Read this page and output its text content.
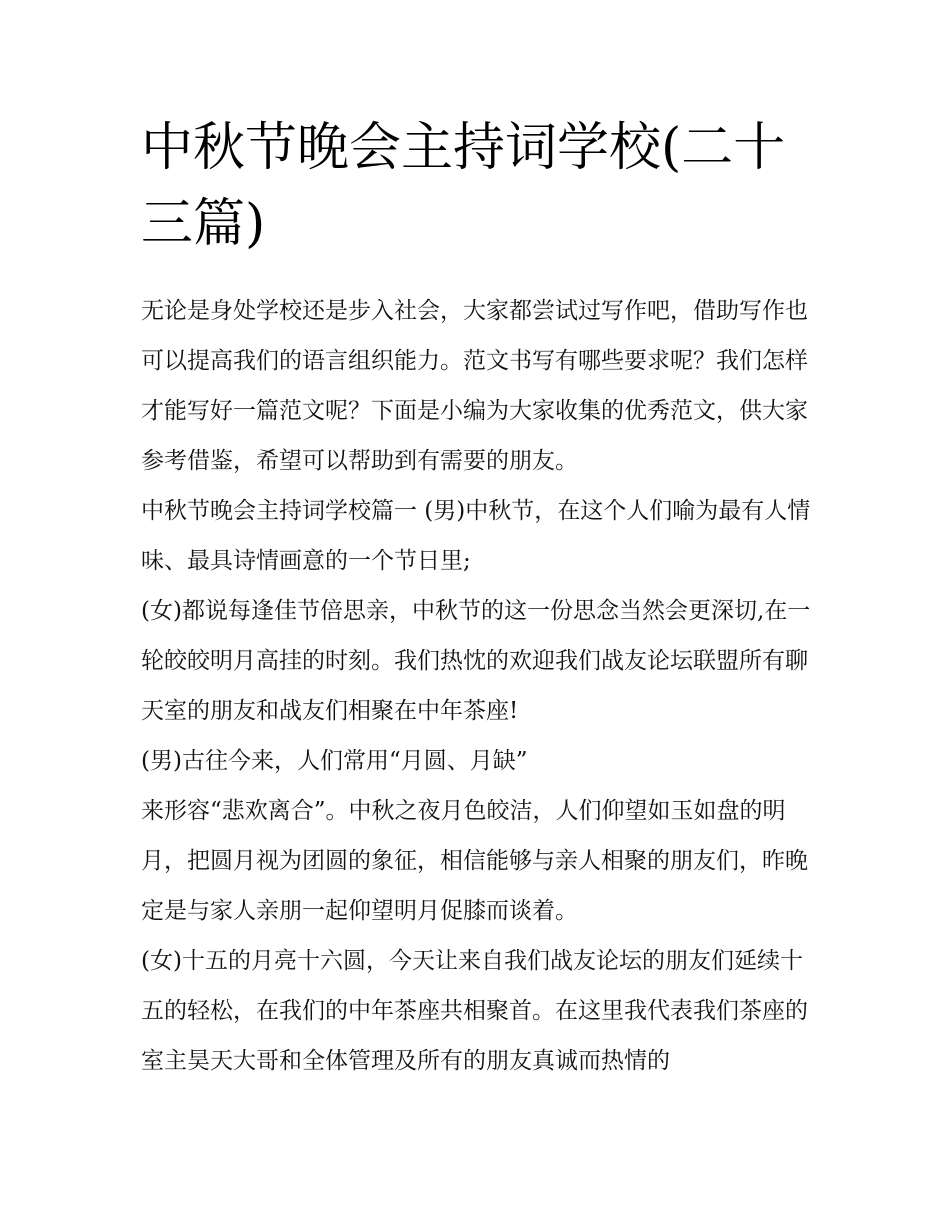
中秋节晚会主持词学校(二十三篇)

无论是身处学校还是步入社会，大家都尝试过写作吧，借助写作也可以提高我们的语言组织能力。范文书写有哪些要求呢？我们怎样才能写好一篇范文呢？下面是小编为大家收集的优秀范文，供大家参考借鉴，希望可以帮助到有需要的朋友。

中秋节晚会主持词学校篇一 (男)中秋节，在这个人们喻为最有人情味、最具诗情画意的一个节日里;

(女)都说每逢佳节倍思亲，中秋节的这一份思念当然会更深切,在一轮皎皎明月高挂的时刻。我们热忱的欢迎我们战友论坛联盟所有聊天室的朋友和战友们相聚在中年茶座!

(男)古往今来，人们常用“月圆、月缺”

来形容“悲欢离合”。中秋之夜月色皎洁，人们仰望如玉如盘的明月，把圆月视为团圆的象征，相信能够与亲人相聚的朋友们，昨晚定是与家人亲朋一起仰望明月促膝而谈着。

(女)十五的月亮十六圆，今天让来自我们战友论坛的朋友们延续十五的轻松，在我们的中年茶座共相聚首。在这里我代表我们茶座的室主昊天大哥和全体管理及所有的朋友真诚而热情的
